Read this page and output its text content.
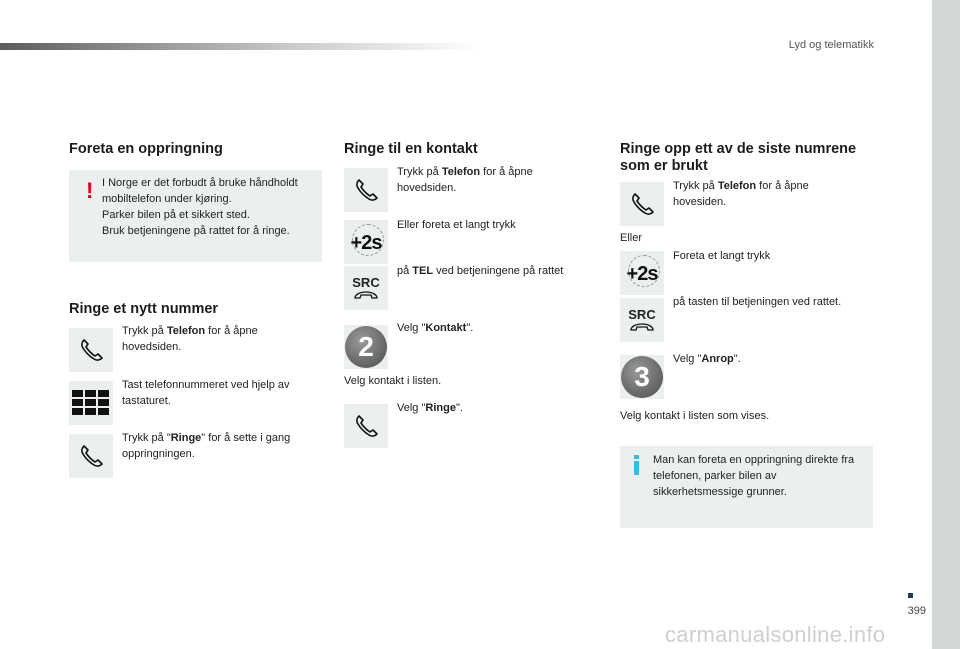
Lyd og telematikk
Foreta en oppringning
! I Norge er det forbudt å bruke håndholdt mobiltelefon under kjøring.
Parker bilen på et sikkert sted.
Bruk betjeningene på rattet for å ringe.
Ringe et nytt nummer
Trykk på Telefon for å åpne hovedsiden.
Tast telefonnummeret ved hjelp av tastaturet.
Trykk på "Ringe" for å sette i gang oppringningen.
Ringe til en kontakt
Trykk på Telefon for å åpne hovedsiden.
+2s
Eller foreta et langt trykk
SRC
på TEL ved betjeningene på rattet
2
Velg "Kontakt".
Velg kontakt i listen.
Velg "Ringe".
Ringe opp ett av de siste numrene som er brukt
Trykk på Telefon for å åpne hovesiden.
Eller
+2s
Foreta et langt trykk
SRC
på tasten til betjeningen ved rattet.
3
Velg "Anrop".
Velg kontakt i listen som vises.
Man kan foreta en oppringning direkte fra telefonen, parker bilen av sikkerhetsmessige grunner.
399
carmanualsonline.info
